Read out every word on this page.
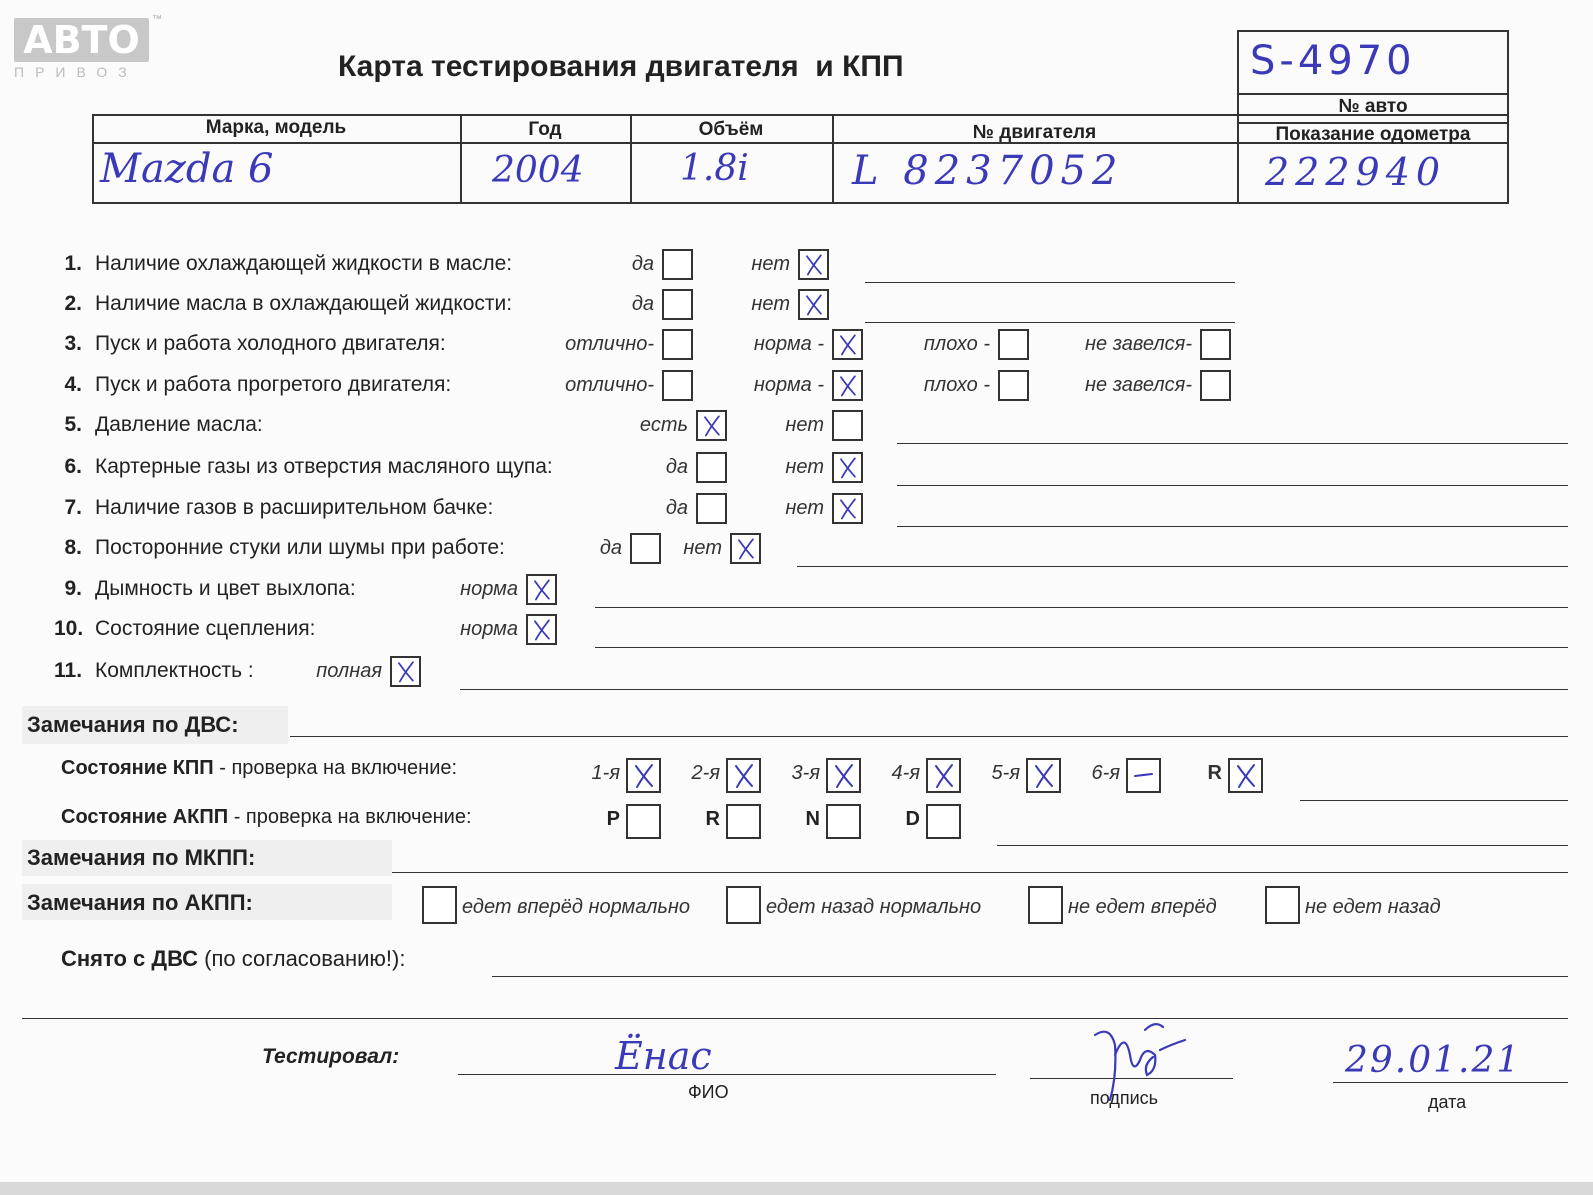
АВТО	™
ПРИВОЗ	Карта тестирования двигателя  и КПП	S-4970
№ авто
Марка, модель	Год	Объём	№ двигателя	Показание одометра
Mazda 6	2004	1.8i	L 8237052	222940
1. Наличие охлаждающей жидкости в масле:	да	нет
2. Наличие масла в охлаждающей жидкости:	да	нет
3. Пуск и работа холодного двигателя:	отлично-	норма -	плохо -	не завелся-
4. Пуск и работа прогретого двигателя:	отлично-	норма -	плохо -	не завелся-
5. Давление масла:	есть	нет
6. Картерные газы из отверстия масляного щупа:	да	нет
7. Наличие газов в расширительном бачке:	да	нет
8. Посторонние стуки или шумы при работе:	да	нет
9. Дымность и цвет выхлопа:	норма
10. Состояние сцепления:	норма
11. Комплектность :	полная
Замечания по ДВС:
Состояние КПП - проверка на включение:	1-я	2-я	3-я	4-я	5-я	6-я	R
Состояние АКПП - проверка на включение:	P	R	N	D
Замечания по МКПП:
Замечания по АКПП:	едет вперёд нормально	едет назад нормально	не едет вперёд	не едет назад
Снято с ДВС (по согласованию!):
Тестировал:	Ёнас
ФИО	подпись
29.01.21
дата
